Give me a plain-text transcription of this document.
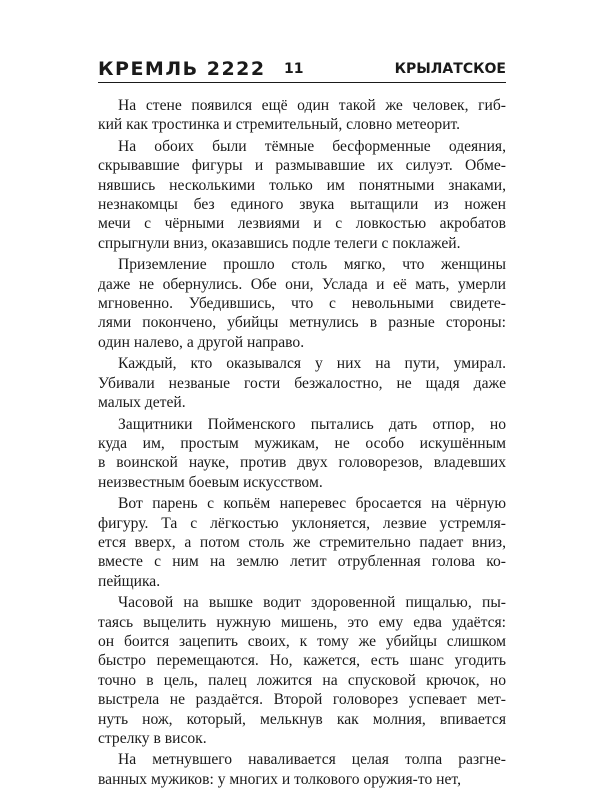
КРЕМЛЬ 2222 11	КРЫЛАТСКОЕ
На стене появился ещё один такой же человек, гиб-
кий как тростинка и стремительный, словно метеорит.
На обоих были тёмные бесформенные одеяния,
скрывавшие фигуры и размывавшие их силуэт. Обме-
нявшись несколькими только им понятными знаками,
незнакомцы без единого звука вытащили из ножен
мечи с чёрными лезвиями и с ловкостью акробатов
спрыгнули вниз, оказавшись подле телеги с поклажей.
Приземление прошло столь мягко, что женщины
даже не обернулись. Обе они, Услада и её мать, умерли
мгновенно. Убедившись, что с невольными свидете-
лями покончено, убийцы метнулись в разные стороны:
один налево, а другой направо.
Каждый, кто оказывался у них на пути, умирал.
Убивали незваные гости безжалостно, не щадя даже
малых детей.
Защитники Пойменского пытались дать отпор, но
куда им, простым мужикам, не особо искушённым
в воинской науке, против двух головорезов, владевших
неизвестным боевым искусством.
Вот парень с копьём наперевес бросается на чёрную
фигуру. Та с лёгкостью уклоняется, лезвие устремля-
ется вверх, а потом столь же стремительно падает вниз,
вместе с ним на землю летит отрубленная голова ко-
пейщика.
Часовой на вышке водит здоровенной пищалью, пы-
таясь выцелить нужную мишень, это ему едва удаётся:
он боится зацепить своих, к тому же убийцы слишком
быстро перемещаются. Но, кажется, есть шанс угодить
точно в цель, палец ложится на спусковой крючок, но
выстрела не раздаётся. Второй головорез успевает мет-
нуть нож, который, мелькнув как молния, впивается
стрелку в висок.
На метнувшего наваливается целая толпа разгне-
ванных мужиков: у многих и толкового оружия-то нет,
